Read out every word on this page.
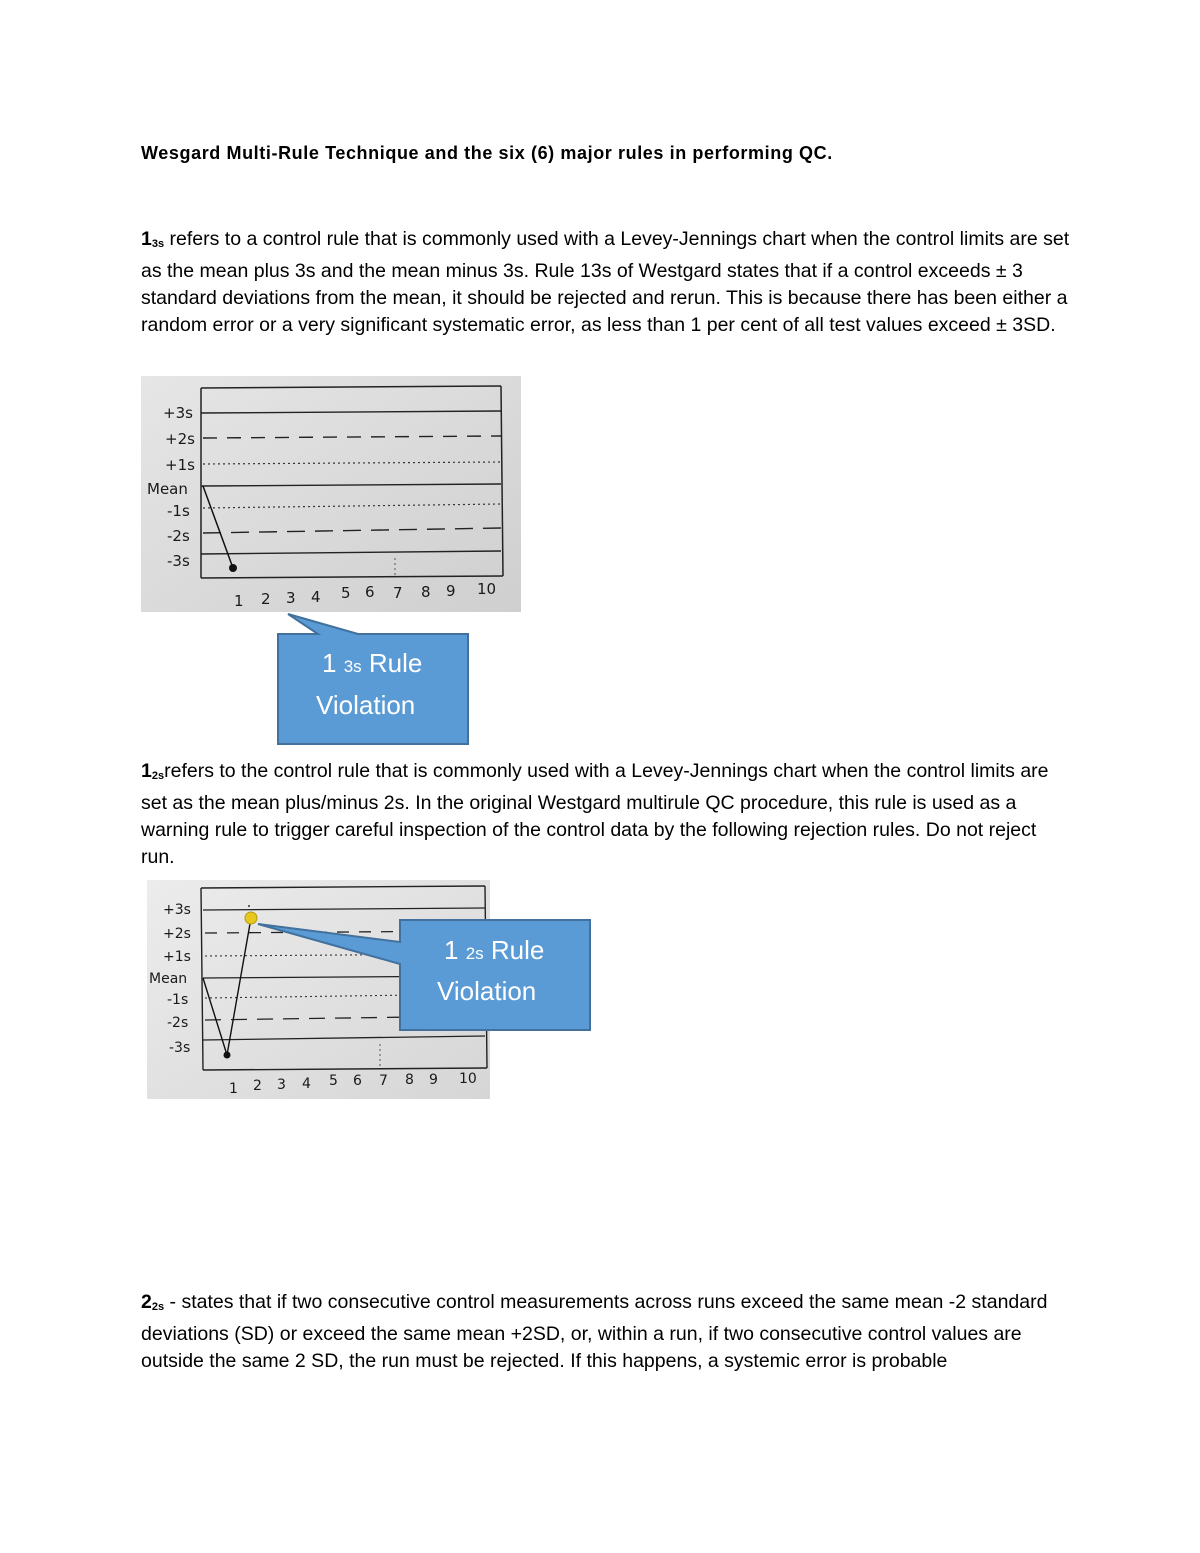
Wesgard Multi-Rule Technique and the six (6) major rules in performing QC.

13s refers to a control rule that is commonly used with a Levey-Jennings chart when the control limits are set as the mean plus 3s and the mean minus 3s. Rule 13s of Westgard states that if a control exceeds ± 3 standard deviations from the mean, it should be rejected and rerun. This is because there has been either a random error or a very significant systematic error, as less than 1 per cent of all test values exceed ± 3SD.

+3s
+2s
+1s
Mean
-1s
-2s
-3s
1 2 3 4 5 6 7 8 9 10
1 3s Rule
Violation

12srefers to the control rule that is commonly used with a Levey-Jennings chart when the control limits are set as the mean plus/minus 2s. In the original Westgard multirule QC procedure, this rule is used as a warning rule to trigger careful inspection of the control data by the following rejection rules. Do not reject run.

+3s
+2s
+1s
Mean
-1s
-2s
-3s
1 2 3 4 5 6 7 8 9 10
1 2s Rule
Violation

22s - states that if two consecutive control measurements across runs exceed the same mean -2 standard deviations (SD) or exceed the same mean +2SD, or, within a run, if two consecutive control values are outside the same 2 SD, the run must be rejected. If this happens, a systemic error is probable
